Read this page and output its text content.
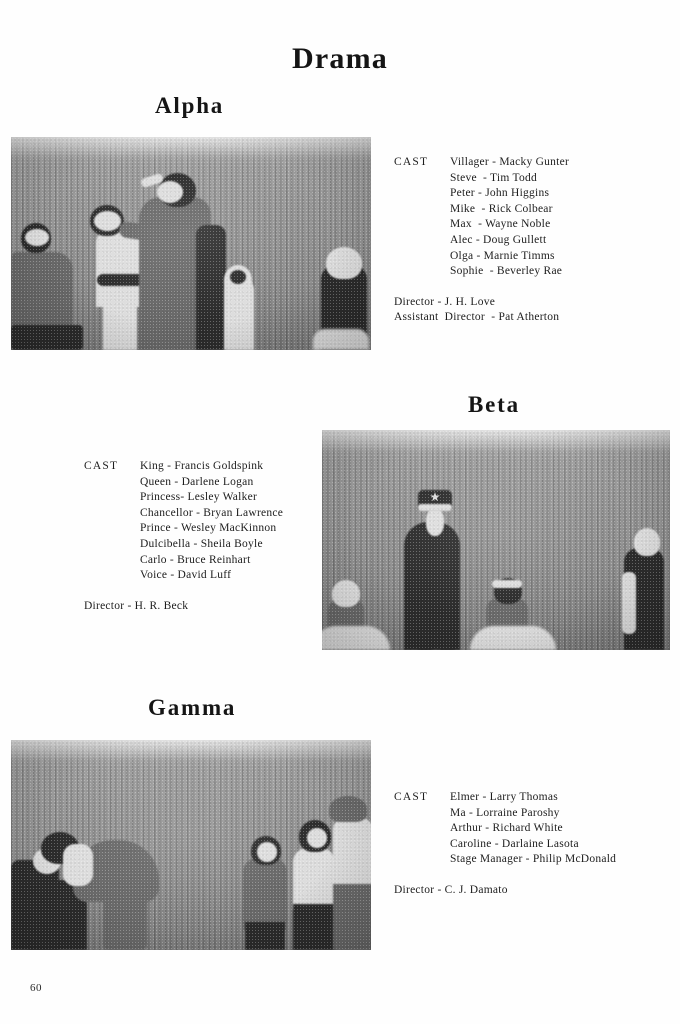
Drama
Alpha
CAST	Villager - Macky Gunter
Steve  - Tim Todd
Peter - John Higgins
Mike  - Rick Colbear
Max  - Wayne Noble
Alec - Doug Gullett
Olga - Marnie Timms
Sophie  - Beverley Rae
Director - J. H. Love
Assistant  Director  - Pat Atherton
Beta
CAST	King - Francis Goldspink
Queen - Darlene Logan
Princess- Lesley Walker
Chancellor - Bryan Lawrence
Prince - Wesley MacKinnon
Dulcibella - Sheila Boyle
Carlo - Bruce Reinhart
Voice - David Luff
Director - H. R. Beck
Gamma
CAST	Elmer - Larry Thomas
Ma - Lorraine Paroshy
Arthur - Richard White
Caroline - Darlaine Lasota
Stage Manager - Philip McDonald
Director - C. J. Damato
60
